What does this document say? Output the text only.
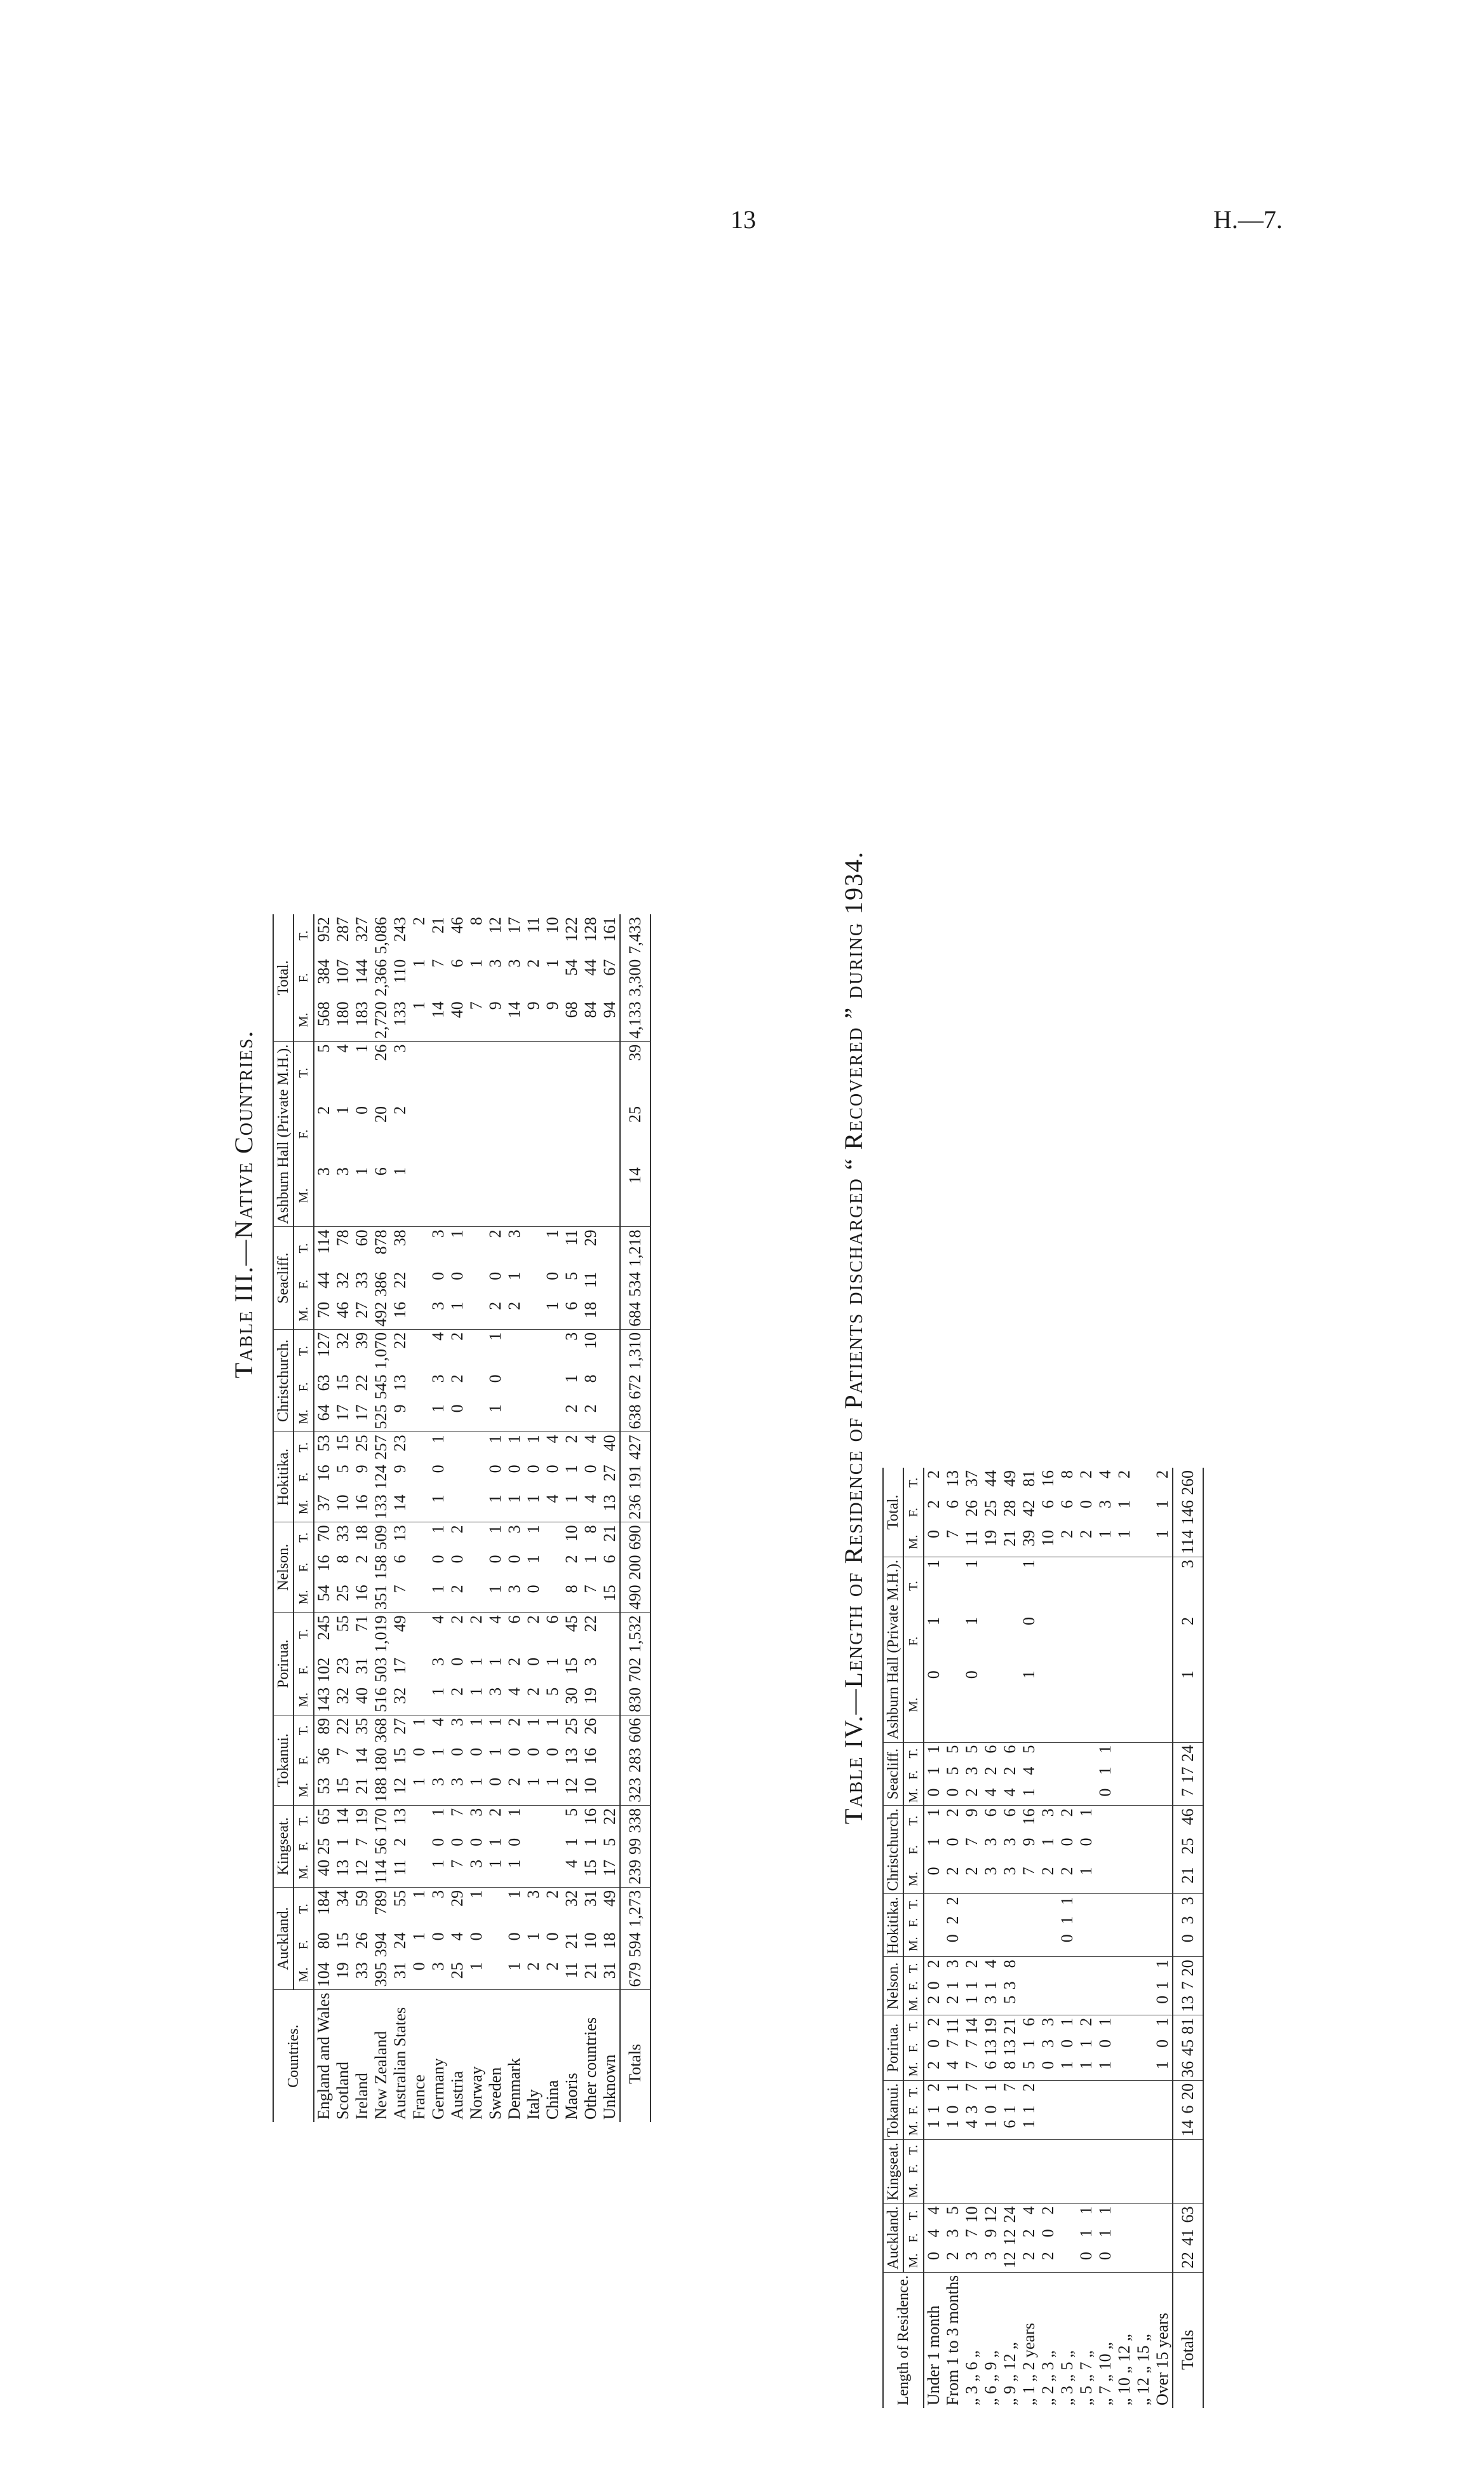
13	H.—7.
Table III.—Native Countries.
Countries.	Auckland.			Kingseat.			Tokanui.			Porirua.			Nelson.			Hokitika.			Christchurch.			Seacliff.			Ashburn Hall (Private M.H.).			Total.		
	M.	F.	T.	M.	F.	T.	M.	F.	T.	M.	F.	T.	M.	F.	T.	M.	F.	T.	M.	F.	T.	M.	F.	T.	M.	F.	T.	M.	F.	T.
England and Wales	104	80	184	40	25	65	53	36	89	143	102	245	54	16	70	37	16	53	64	63	127	70	44	114	3	2	5	568	384	952
Scotland	19	15	34	13	1	14	15	7	22	32	23	55	25	8	33	10	5	15	17	15	32	46	32	78	3	1	4	180	107	287
Ireland	33	26	59	12	7	19	21	14	35	40	31	71	16	2	18	16	9	25	17	22	39	27	33	60	1	0	1	183	144	327
New Zealand	395	394	789	114	56	170	188	180	368	516	503	1,019	351	158	509	133	124	257	525	545	1,070	492	386	878	6	20	26	2,720	2,366	5,086
Australian States	31	24	55	11	2	13	12	15	27	32	17	49	7	6	13	14	9	23	9	13	22	16	22	38	1	2	3	133	110	243
France	0	1	1				1	0	1																			1	1	2
Germany	3	0	3	1	0	1	3	1	4	1	3	4	1	0	1	1	0	1	1	3	4	3	0	3				14	7	21
Austria	25	4	29	7	0	7	3	0	3	2	0	2	2	0	2				0	2	2	1	0	1				40	6	46
Norway	1	0	1	3	0	3	1	0	1	1	1	2																7	1	8
Sweden				1	1	2	0	1	1	3	1	4	1	0	1	1	0	1	1	0	1	2	0	2				9	3	12
Denmark	1	0	1	1	0	1	2	0	2	4	2	6	3	0	3	1	0	1				2	1	3				14	3	17
Italy	2	1	3				1	0	1	2	0	2	0	1	1	1	0	1										9	2	11
China	2	0	2				1	0	1	5	1	6				4	0	4				1	0	1				9	1	10
Maoris	11	21	32	4	1	5	12	13	25	30	15	45	8	2	10	1	1	2	2	1	3	6	5	11				68	54	122
Other countries	21	10	31	15	1	16	10	16	26	19	3	22	7	1	8	4	0	4	2	8	10	18	11	29				84	44	128
Unknown	31	18	49	17	5	22							15	6	21	13	27	40										94	67	161
Totals	679	594	1,273	239	99	338	323	283	606	830	702	1,532	490	200	690	236	191	427	638	672	1,310	684	534	1,218	14	25	39	4,133	3,300	7,433	Table IV.—Length of Residence of Patients discharged “ Recovered ” during 1934.
Length of Residence.	Auckland.			Kingseat.			Tokanui.			Porirua.			Nelson.			Hokitika.			Christchurch.			Seacliff.			Ashburn Hall (Private M.H.).			Total.		
	M.	F.	T.	M.	F.	T.	M.	F.	T.	M.	F.	T.	M.	F.	T.	M.	F.	T.	M.	F.	T.	M.	F.	T.	M.	F.	T.	M.	F.	T.
Under 1 month	0	4	4				1	1	2	2	0	2	2	0	2				0	1	1	0	1	1	0	1	1	0	2	2
From 1 to 3 months	2	3	5				1	0	1	4	7	11	2	1	3	0	2	2	2	0	2	0	5	5				7	6	13
„ 3 „ 6 „	3	7	10				4	3	7	7	7	14	1	1	2				2	7	9	2	3	5	0	1	1	11	26	37
„ 6 „ 9 „	3	9	12				1	0	1	6	13	19	3	1	4				3	3	6	4	2	6				19	25	44
„ 9 „ 12 „	12	12	24				6	1	7	8	13	21	5	3	8				3	3	6	4	2	6				21	28	49
„ 1 „ 2 years	2	2	4				1	1	2	5	1	6							7	9	16	1	4	5	1	0	1	39	42	81
„ 2 „ 3 „	2	0	2							0	3	3							2	1	3							10	6	16
„ 3 „ 5 „										1	0	1				0	1	1	2	0	2							2	6	8
„ 5 „ 7 „	0	1	1							1	1	2							1	0	1							2	0	2
„ 7 „ 10 „	0	1	1							1	0	1										0	1	1				1	3	4
„ 10 „ 12 „																												1	1	2
„ 12 „ 15 „																														
Over 15 years										1	0	1	0	1	1													1	1	2
Totals	22	41	63				14	6	20	36	45	81	13	7	20	0	3	3	21	25	46	7	17	24	1	2	3	114	146	260
